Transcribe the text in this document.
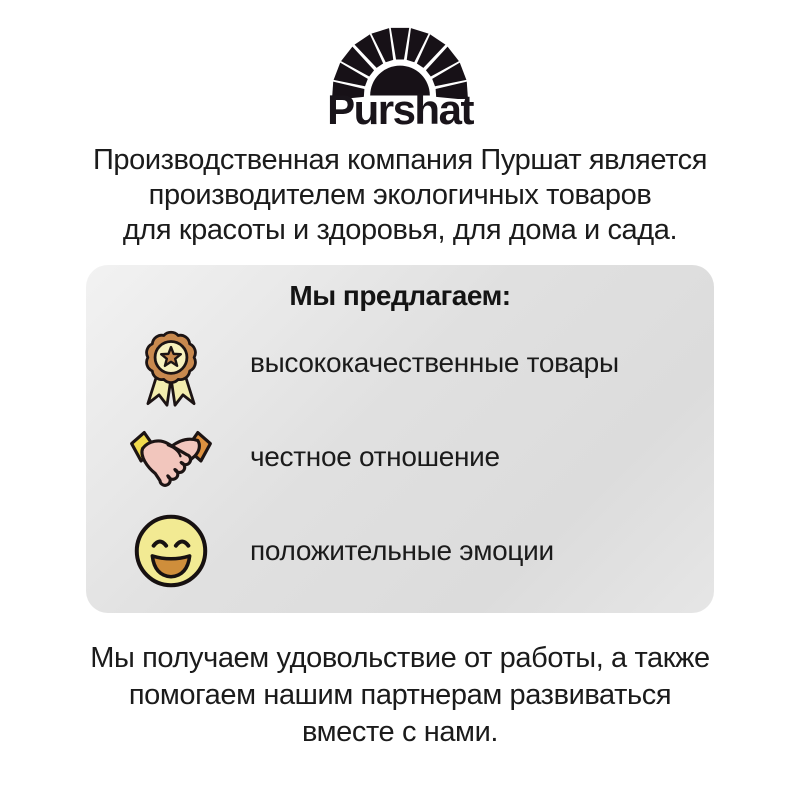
Purshat
Производственная компания Пуршат является
производителем экологичных товаров
для красоты и здоровья, для дома и сада.
Мы предлагаем:
высококачественные товары
честное отношение
положительные эмоции
Мы получаем удовольствие от работы, а также
помогаем нашим партнерам развиваться
вместе с нами.
